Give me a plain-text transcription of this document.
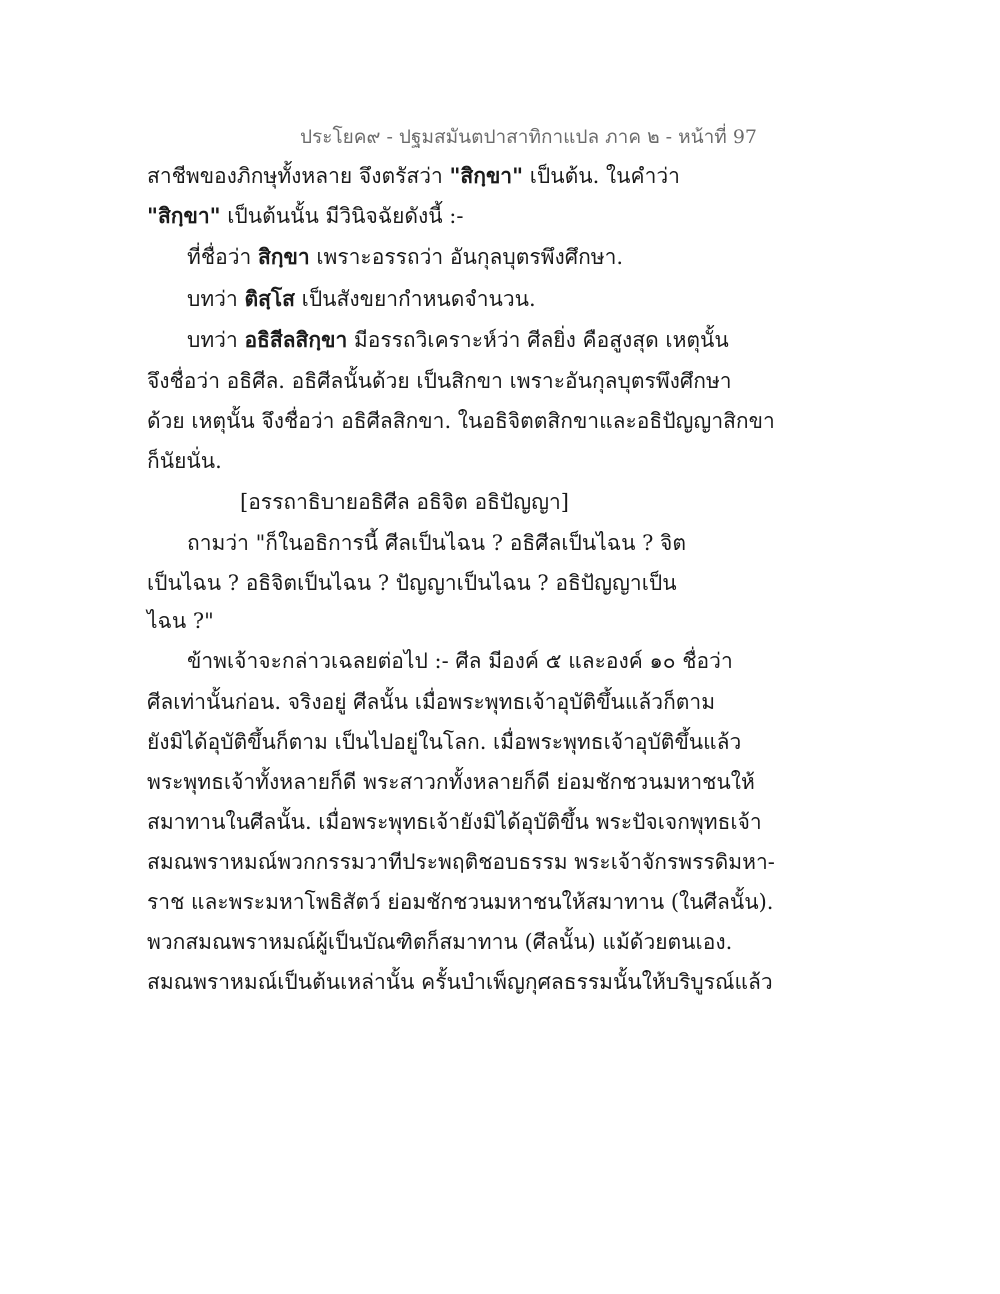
ประโยค๙ - ปฐมสมันตปาสาทิกาแปล ภาค ๒ - หน้าที่ 97
สาชีพของภิกษุทั้งหลาย จึงตรัสว่า "สิกฺขา" เป็นต้น. ในคำว่า
"สิกฺขา" เป็นต้นนั้น มีวินิจฉัยดังนี้ :-
ที่ชื่อว่า สิกฺขา เพราะอรรถว่า อันกุลบุตรพึงศึกษา.
บทว่า ติสฺโส เป็นสังขยากำหนดจำนวน.
บทว่า อธิสีลสิกฺขา มีอรรถวิเคราะห์ว่า ศีลยิ่ง คือสูงสุด เหตุนั้น
จึงชื่อว่า อธิศีล. อธิศีลนั้นด้วย เป็นสิกขา เพราะอันกุลบุตรพึงศึกษา
ด้วย เหตุนั้น จึงชื่อว่า อธิศีลสิกขา. ในอธิจิตตสิกขาและอธิปัญญาสิกขา
ก็นัยนั่น.
[อรรถาธิบายอธิศีล อธิจิต อธิปัญญา]
ถามว่า "ก็ในอธิการนี้ ศีลเป็นไฉน ? อธิศีลเป็นไฉน ? จิต
เป็นไฉน ? อธิจิตเป็นไฉน ? ปัญญาเป็นไฉน ? อธิปัญญาเป็น
ไฉน ?"
ข้าพเจ้าจะกล่าวเฉลยต่อไป :- ศีล มีองค์ ๕ และองค์ ๑๐ ชื่อว่า
ศีลเท่านั้นก่อน. จริงอยู่ ศีลนั้น เมื่อพระพุทธเจ้าอุบัติขึ้นแล้วก็ตาม
ยังมิได้อุบัติขึ้นก็ตาม เป็นไปอยู่ในโลก. เมื่อพระพุทธเจ้าอุบัติขึ้นแล้ว
พระพุทธเจ้าทั้งหลายก็ดี พระสาวกทั้งหลายก็ดี ย่อมชักชวนมหาชนให้
สมาทานในศีลนั้น. เมื่อพระพุทธเจ้ายังมิได้อุบัติขึ้น พระปัจเจกพุทธเจ้า
สมณพราหมณ์พวกกรรมวาทีประพฤติชอบธรรม พระเจ้าจักรพรรดิมหา-
ราช และพระมหาโพธิสัตว์ ย่อมชักชวนมหาชนให้สมาทาน (ในศีลนั้น).
พวกสมณพราหมณ์ผู้เป็นบัณฑิตก็สมาทาน (ศีลนั้น) แม้ด้วยตนเอง.
สมณพราหมณ์เป็นต้นเหล่านั้น ครั้นบำเพ็ญกุศลธรรมนั้นให้บริบูรณ์แล้ว
